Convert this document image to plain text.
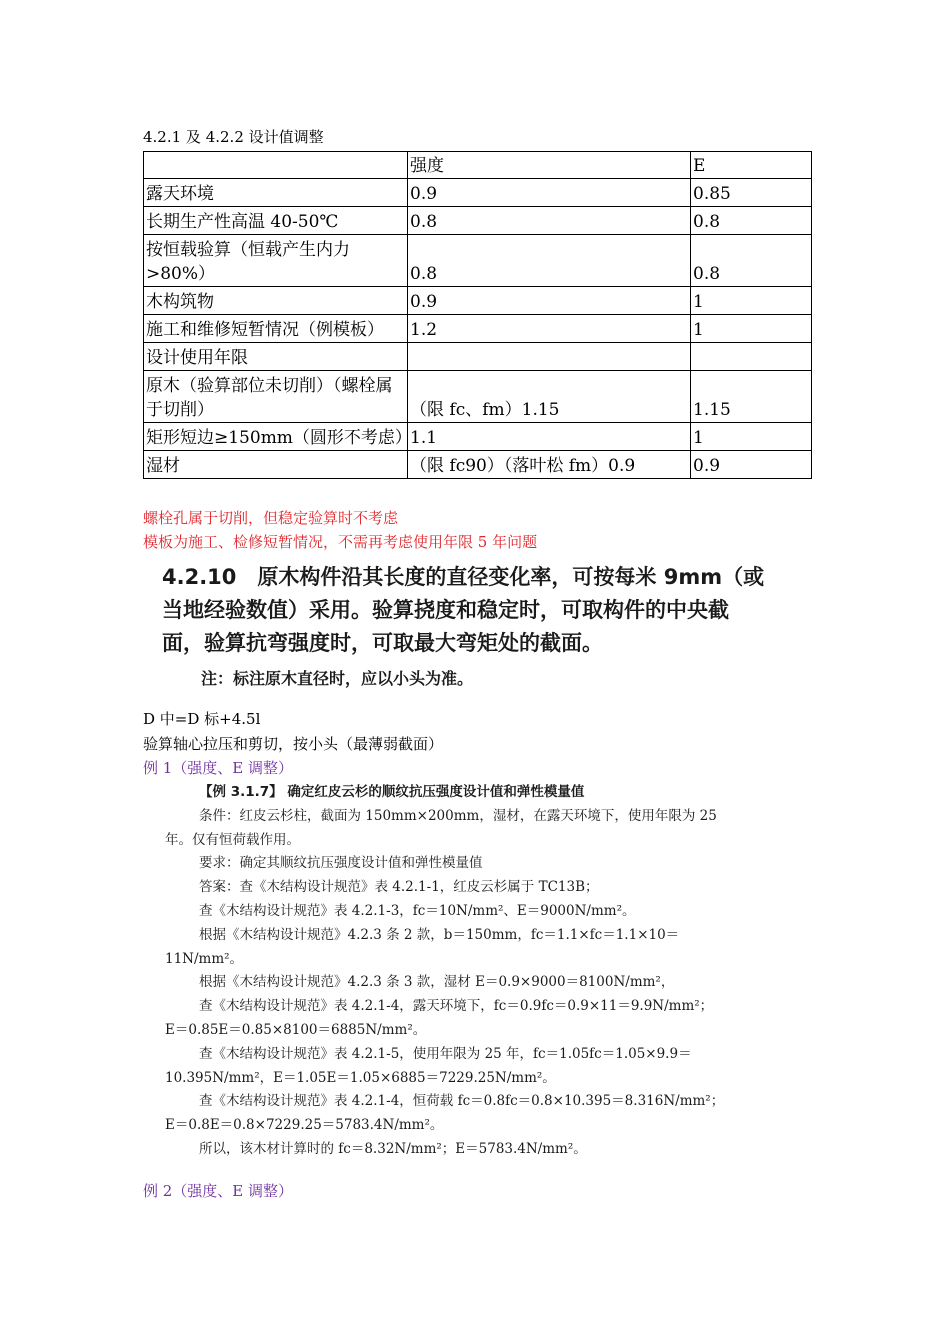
4.2.1 及 4.2.2 设计值调整
	强度	E
露天环境	0.9	0.85
长期生产性高温 40-50℃	0.8	0.8
按恒载验算（恒载产生内力>80%）	0.8	0.8
木构筑物	0.9	1
施工和维修短暂情况（例模板）	1.2	1
设计使用年限		
原木（验算部位未切削）（螺栓属于切削）	（限 fc、fm）1.15	1.15
矩形短边≥150mm（圆形不考虑）	1.1	1
湿材	（限 fc90）（落叶松 fm）0.9	0.9
螺栓孔属于切削，但稳定验算时不考虑
模板为施工、检修短暂情况，不需再考虑使用年限 5 年问题
4.2.10　原木构件沿其长度的直径变化率，可按每米 9mm（或
当地经验数值）采用。验算挠度和稳定时，可取构件的中央截
面，验算抗弯强度时，可取最大弯矩处的截面。
注：标注原木直径时，应以小头为准。
D 中=D 标+4.5l
验算轴心拉压和剪切，按小头（最薄弱截面）
例 1（强度、E 调整）
【例 3.1.7】 确定红皮云杉的顺纹抗压强度设计值和弹性模量值
条件：红皮云杉柱，截面为 150mm×200mm，湿材，在露天环境下，使用年限为 25
年。仅有恒荷载作用。
要求：确定其顺纹抗压强度设计值和弹性模量值
答案：查《木结构设计规范》表 4.2.1-1，红皮云杉属于 TC13B；
查《木结构设计规范》表 4.2.1-3，fc＝10N/mm²、E＝9000N/mm²。
根据《木结构设计规范》4.2.3 条 2 款，b＝150mm，fc＝1.1×fc＝1.1×10＝
11N/mm²。
根据《木结构设计规范》4.2.3 条 3 款，湿材 E＝0.9×9000＝8100N/mm²，
查《木结构设计规范》表 4.2.1-4，露天环境下，fc＝0.9fc＝0.9×11＝9.9N/mm²；
E＝0.85E＝0.85×8100＝6885N/mm²。
查《木结构设计规范》表 4.2.1-5，使用年限为 25 年，fc＝1.05fc＝1.05×9.9＝
10.395N/mm²，E＝1.05E＝1.05×6885＝7229.25N/mm²。
查《木结构设计规范》表 4.2.1-4，恒荷载 fc＝0.8fc＝0.8×10.395＝8.316N/mm²；
E＝0.8E＝0.8×7229.25＝5783.4N/mm²。
所以，该木材计算时的 fc＝8.32N/mm²；E＝5783.4N/mm²。
例 2（强度、E 调整）
